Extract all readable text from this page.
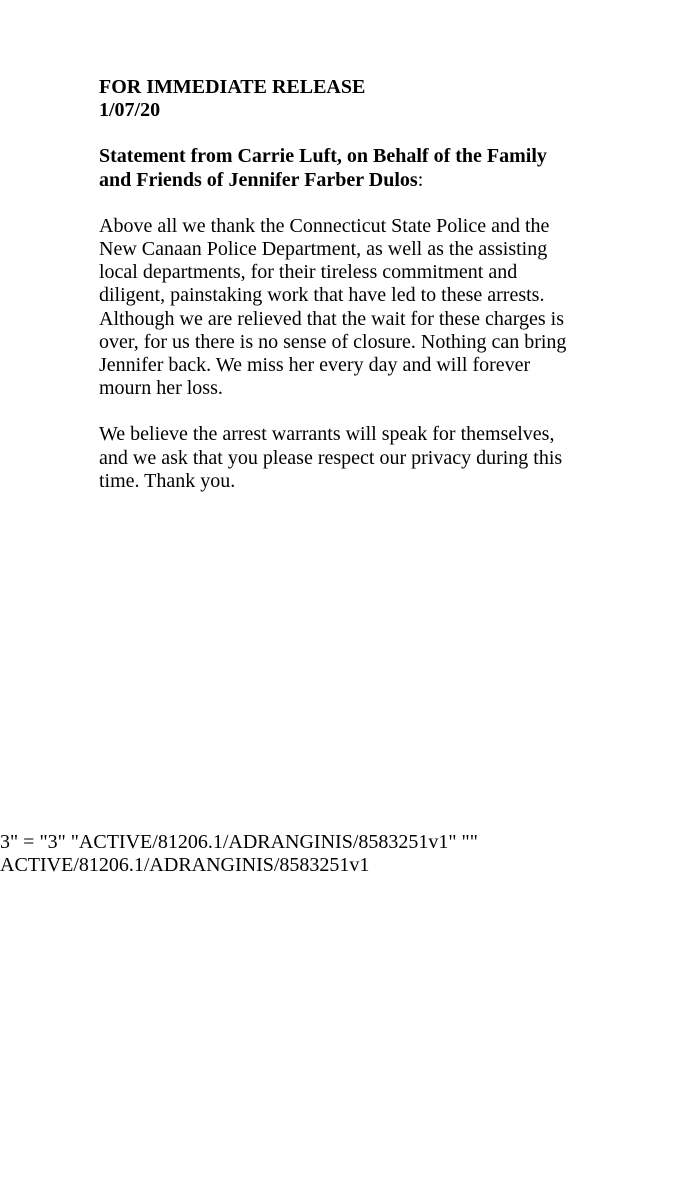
FOR IMMEDIATE RELEASE
1/07/20
Statement from Carrie Luft, on Behalf of the Family and Friends of Jennifer Farber Dulos:

Above all we thank the Connecticut State Police and the New Canaan Police Department, as well as the assisting local departments, for their tireless commitment and diligent, painstaking work that have led to these arrests. Although we are relieved that the wait for these charges is over, for us there is no sense of closure. Nothing can bring Jennifer back. We miss her every day and will forever mourn her loss.

We believe the arrest warrants will speak for themselves, and we ask that you please respect our privacy during this time. Thank you.

3" = "3" "ACTIVE/81206.1/ADRANGINIS/8583251v1" ""
ACTIVE/81206.1/ADRANGINIS/8583251v1
